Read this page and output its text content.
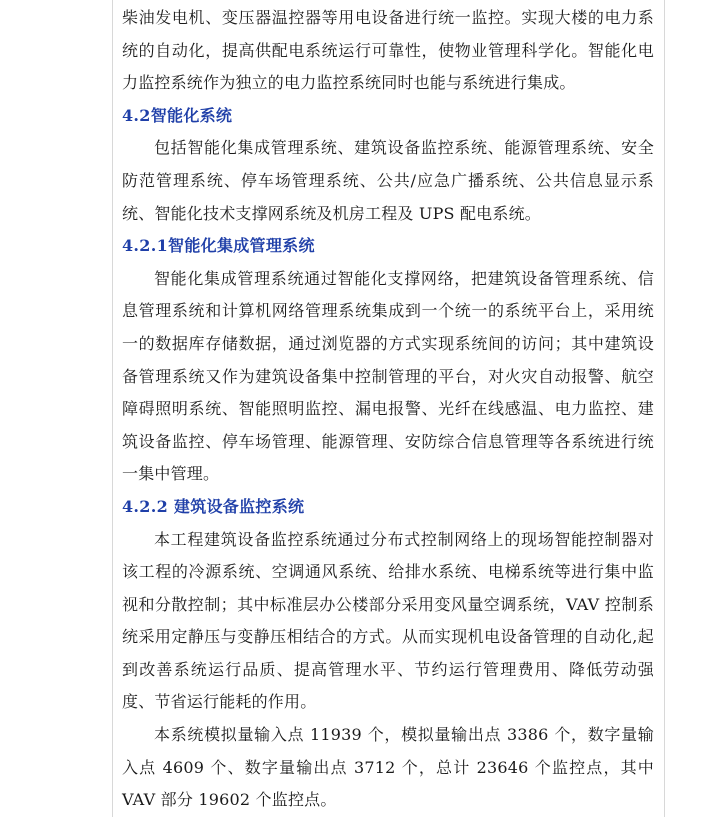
柴油发电机、变压器温控器等用电设备进行统一监控。实现大楼的电力系统的自动化，提高供配电系统运行可靠性，使物业管理科学化。智能化电力监控系统作为独立的电力监控系统同时也能与系统进行集成。

4.2智能化系统

包括智能化集成管理系统、建筑设备监控系统、能源管理系统、安全防范管理系统、停车场管理系统、公共/应急广播系统、公共信息显示系统、智能化技术支撑网系统及机房工程及 UPS 配电系统。

4.2.1智能化集成管理系统

智能化集成管理系统通过智能化支撑网络，把建筑设备管理系统、信息管理系统和计算机网络管理系统集成到一个统一的系统平台上，采用统一的数据库存储数据，通过浏览器的方式实现系统间的访问；其中建筑设备管理系统又作为建筑设备集中控制管理的平台，对火灾自动报警、航空障碍照明系统、智能照明监控、漏电报警、光纤在线感温、电力监控、建筑设备监控、停车场管理、能源管理、安防综合信息管理等各系统进行统一集中管理。

4.2.2 建筑设备监控系统

本工程建筑设备监控系统通过分布式控制网络上的现场智能控制器对该工程的冷源系统、空调通风系统、给排水系统、电梯系统等进行集中监视和分散控制；其中标准层办公楼部分采用变风量空调系统，VAV 控制系统采用定静压与变静压相结合的方式。从而实现机电设备管理的自动化,起到改善系统运行品质、提高管理水平、节约运行管理费用、降低劳动强度、节省运行能耗的作用。

本系统模拟量输入点 11939 个，模拟量输出点 3386 个，数字量输入点 4609 个、数字量输出点 3712 个，总计 23646 个监控点，其中 VAV 部分 19602 个监控点。
